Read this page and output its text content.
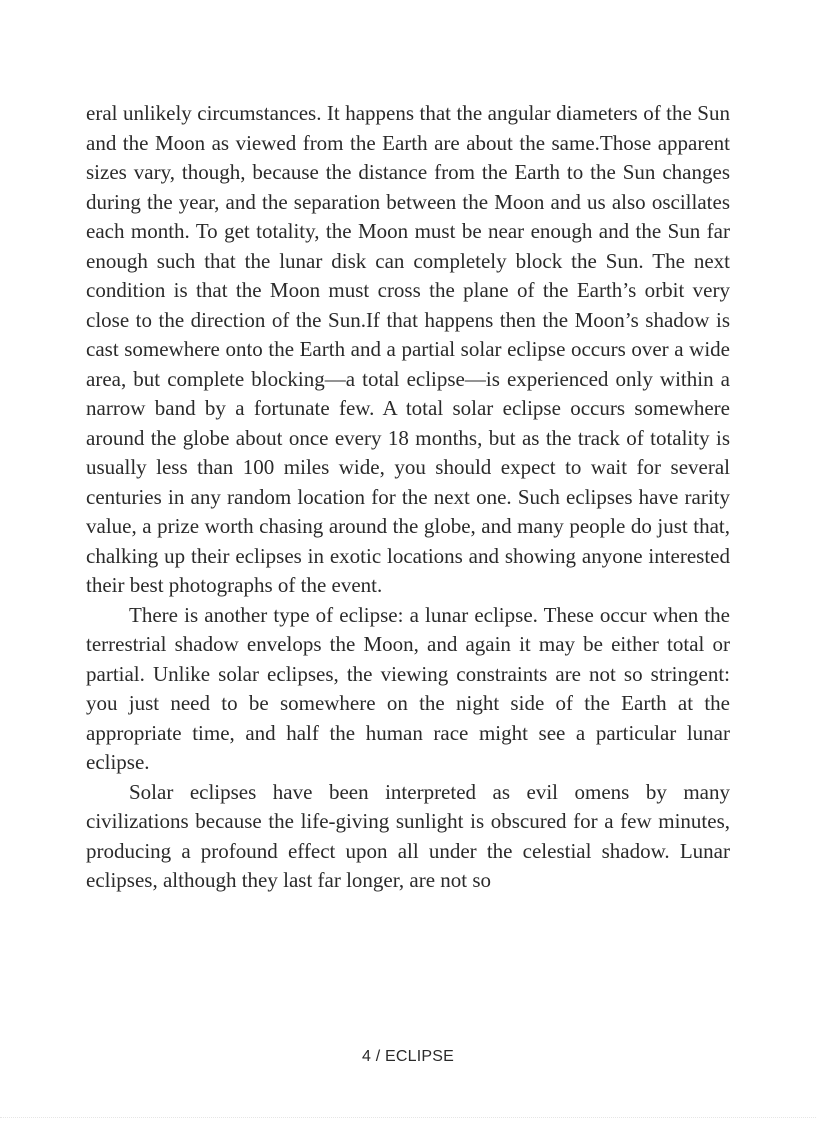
eral unlikely circumstances. It happens that the angular diameters of the Sun and the Moon as viewed from the Earth are about the same.Those apparent sizes vary, though, because the distance from the Earth to the Sun changes during the year, and the separation between the Moon and us also oscillates each month. To get totality, the Moon must be near enough and the Sun far enough such that the lunar disk can completely block the Sun. The next condition is that the Moon must cross the plane of the Earth’s orbit very close to the direction of the Sun.If that happens then the Moon’s shadow is cast somewhere onto the Earth and a partial solar eclipse occurs over a wide area, but complete blocking—a total eclipse—is experienced only within a narrow band by a fortunate few. A total solar eclipse occurs somewhere around the globe about once every 18 months, but as the track of totality is usually less than 100 miles wide, you should expect to wait for several centuries in any random location for the next one. Such eclipses have rarity value, a prize worth chasing around the globe, and many people do just that, chalking up their eclipses in exotic locations and showing anyone interested their best photographs of the event.

There is another type of eclipse: a lunar eclipse. These occur when the terrestrial shadow envelops the Moon, and again it may be either total or partial. Unlike solar eclipses, the viewing constraints are not so stringent: you just need to be somewhere on the night side of the Earth at the appropriate time, and half the human race might see a particular lunar eclipse.

Solar eclipses have been interpreted as evil omens by many civilizations because the life-giving sunlight is obscured for a few minutes, producing a profound effect upon all under the celestial shadow. Lunar eclipses, although they last far longer, are not so

4 / ECLIPSE
